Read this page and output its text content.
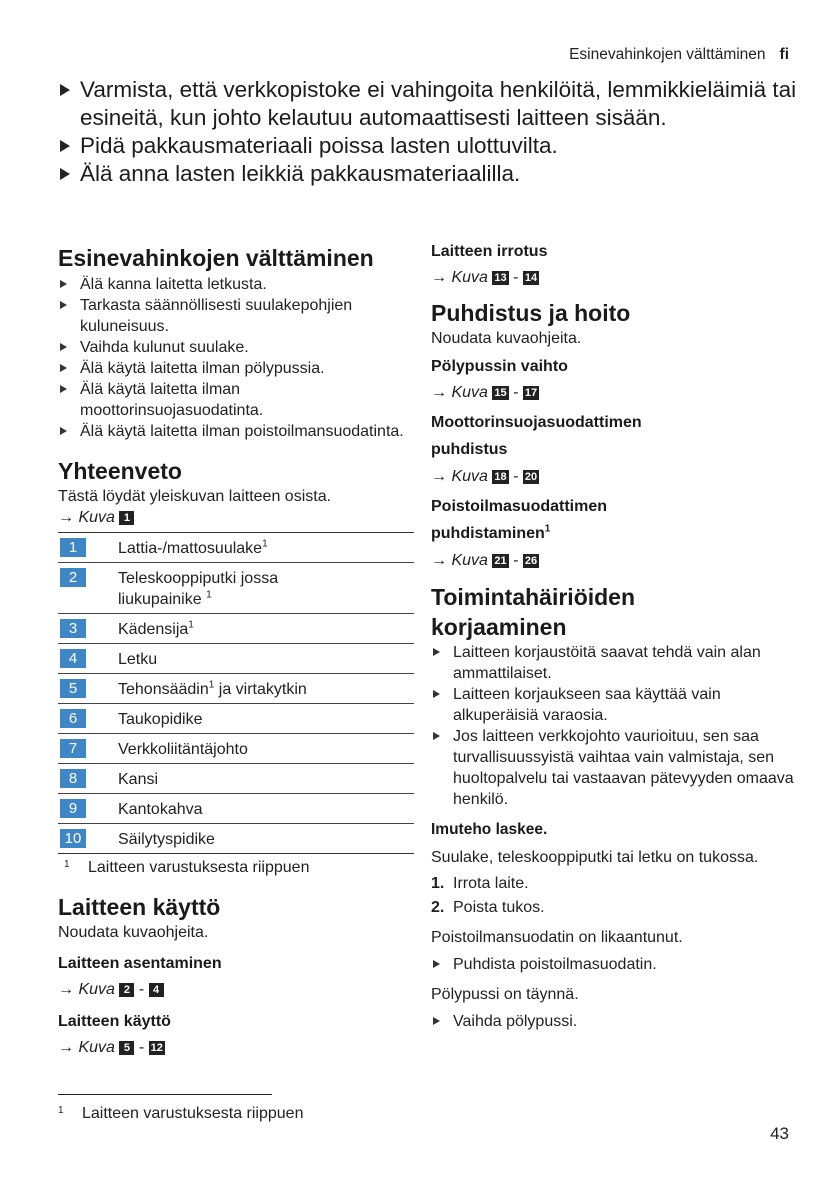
Esinevahinkojen välttäminen fi
Varmista, että verkkopistoke ei vahingoita henkilöitä, lemmikkieläimiä tai esineitä, kun johto kelautuu automaattisesti laitteen sisään.
Pidä pakkausmateriaali poissa lasten ulottuvilta.
Älä anna lasten leikkiä pakkausmateriaalilla.
Esinevahinkojen välttäminen
Älä kanna laitetta letkusta.
Tarkasta säännöllisesti suulakepohjien kuluneisuus.
Vaihda kulunut suulake.
Älä käytä laitetta ilman pölypussia.
Älä käytä laitetta ilman moottorinsuojasuodatinta.
Älä käytä laitetta ilman poistoilmansuodatinta.
Yhteenveto

Tästä löydät yleiskuvan laitteen osista.

→ Kuva 1
1	Lattia-/mattosuulake$^1$
2	Teleskooppiputki jossa liukupainike $^1$
3	Kädensija$^1$
4	Letku
5	Tehonsäädin$^1$ ja virtakytkin
6	Taukopidike
7	Verkkoliitäntäjohto
8	Kansi
9	Kantokahva
10 Säilytyspidike
1	Laitteen varustuksesta riippuen
Laitteen käyttö

Noudata kuvaohjeita.

Laitteen asentaminen
→ Kuva 2 - 4
Laitteen käyttö
→ Kuva 5 - 12
Laitteen irrotus
→ Kuva 13 - 14
Puhdistus ja hoito

Noudata kuvaohjeita.

Pölypussin vaihto
→ Kuva 15 - 17
Moottorinsuojasuodattimen
puhdistus
→ Kuva 18 - 20
Poistoilmasuodattimen
puhdistaminen$^1$
→ Kuva 21 - 26
Toimintahäiriöiden
korjaaminen
Laitteen korjaustöitä saavat tehdä vain alan ammattilaiset.
Laitteen korjaukseen saa käyttää vain alkuperäisiä varaosia.
Jos laitteen verkkojohto vaurioituu, sen saa turvallisuussyistä vaihtaa vain valmistaja, sen huoltopalvelu tai vastaavan pätevyyden omaava henkilö.
Imuteho laskee.

Suulake, teleskooppiputki tai letku on tukossa.

1. Irrota laite.
2. Poista tukos.

Poistoilmansuodatin on likaantunut.

Puhdista poistoilmasuodatin.

Pölypussi on täynnä.

Vaihda pölypussi.
1	Laitteen varustuksesta riippuen
43
